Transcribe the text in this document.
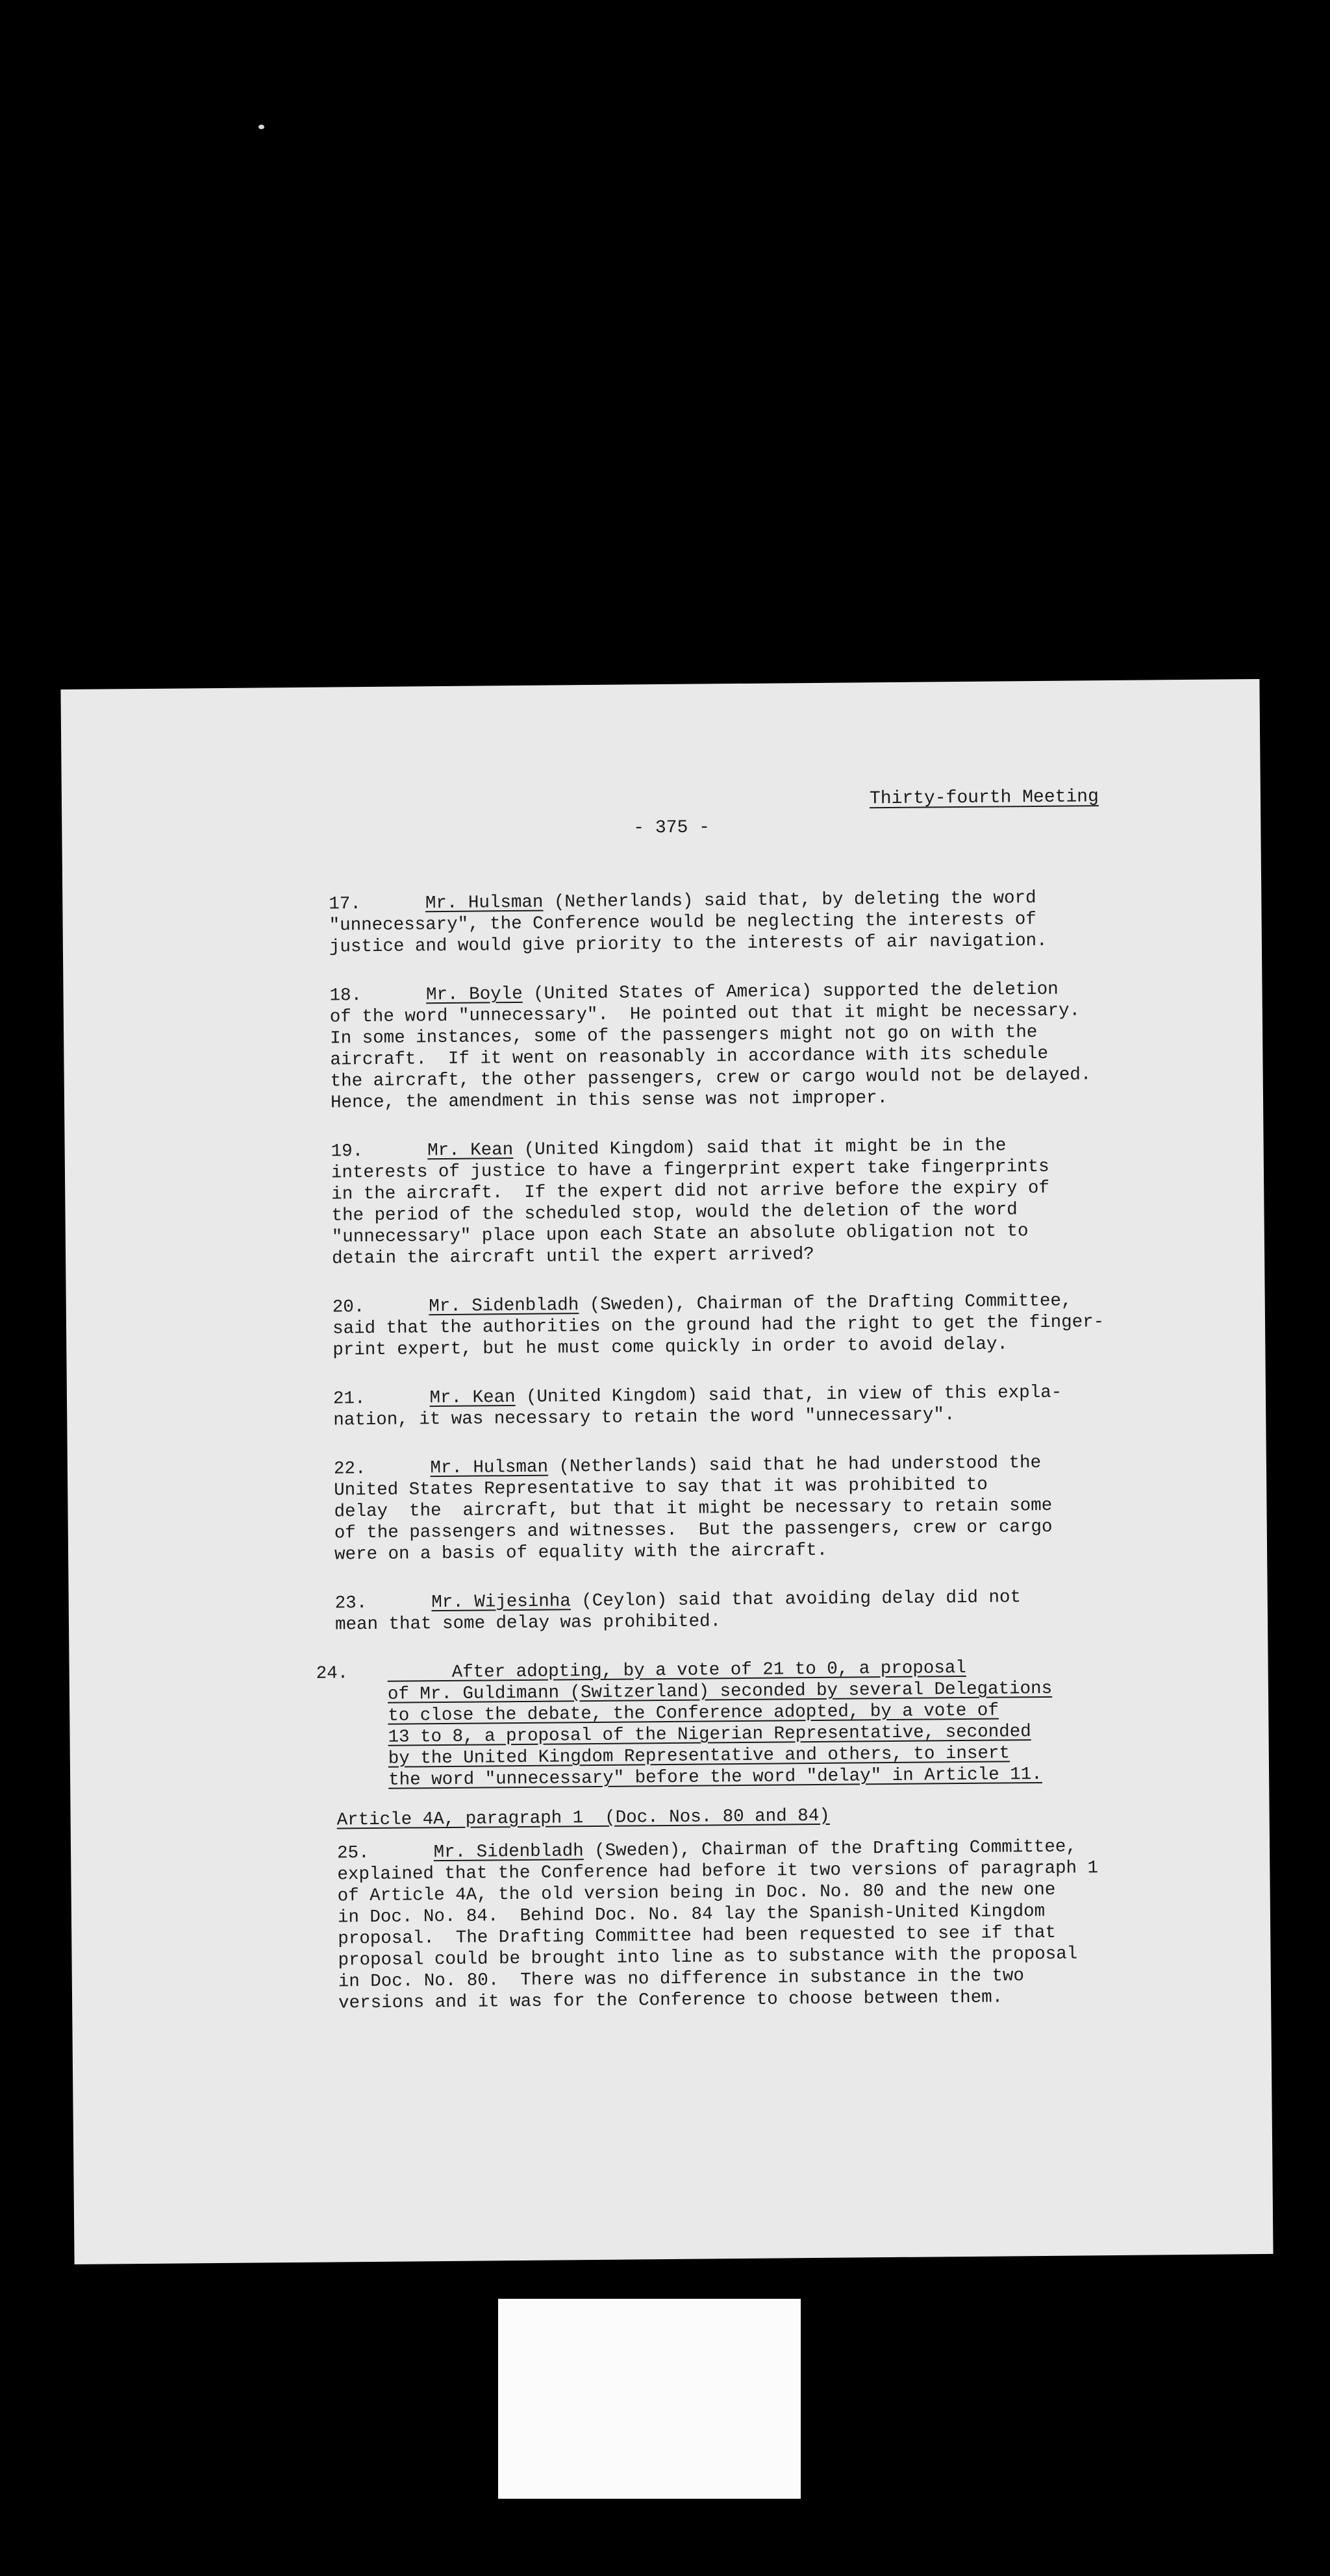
Thirty-fourth Meeting
- 375 -

17.	Mr. Hulsman (Netherlands) said that, by deleting the word
"unnecessary", the Conference would be neglecting the interests of
justice and would give priority to the interests of air navigation.

18.	Mr. Boyle (United States of America) supported the deletion
of the word "unnecessary".  He pointed out that it might be necessary.
In some instances, some of the passengers might not go on with the
aircraft.  If it went on reasonably in accordance with its schedule
the aircraft, the other passengers, crew or cargo would not be delayed.
Hence, the amendment in this sense was not improper.

19.	Mr. Kean (United Kingdom) said that it might be in the
interests of justice to have a fingerprint expert take fingerprints
in the aircraft.  If the expert did not arrive before the expiry of
the period of the scheduled stop, would the deletion of the word
"unnecessary" place upon each State an absolute obligation not to
detain the aircraft until the expert arrived?

20.	Mr. Sidenbladh (Sweden), Chairman of the Drafting Committee,
said that the authorities on the ground had the right to get the finger-
print expert, but he must come quickly in order to avoid delay.

21.	Mr. Kean (United Kingdom) said that, in view of this expla-
nation, it was necessary to retain the word "unnecessary".

22.	Mr. Hulsman (Netherlands) said that he had understood the
United States Representative to say that it was prohibited to
delay  the  aircraft, but that it might be necessary to retain some
of the passengers and witnesses.  But the passengers, crew or cargo
were on a basis of equality with the aircraft.

23.	Mr. Wijesinha (Ceylon) said that avoiding delay did not
mean that some delay was prohibited.

24. After adopting, by a vote of 21 to 0, a proposal
of Mr. Guldimann (Switzerland) seconded by several Delegations
to close the debate, the Conference adopted, by a vote of
13 to 8, a proposal of the Nigerian Representative, seconded
by the United Kingdom Representative and others, to insert
the word "unnecessary" before the word "delay" in Article 11.

Article 4A, paragraph 1  (Doc. Nos. 80 and 84)

25.	Mr. Sidenbladh (Sweden), Chairman of the Drafting Committee,
explained that the Conference had before it two versions of paragraph 1
of Article 4A, the old version being in Doc. No. 80 and the new one
in Doc. No. 84.  Behind Doc. No. 84 lay the Spanish-United Kingdom
proposal.  The Drafting Committee had been requested to see if that
proposal could be brought into line as to substance with the proposal
in Doc. No. 80.  There was no difference in substance in the two
versions and it was for the Conference to choose between them.
